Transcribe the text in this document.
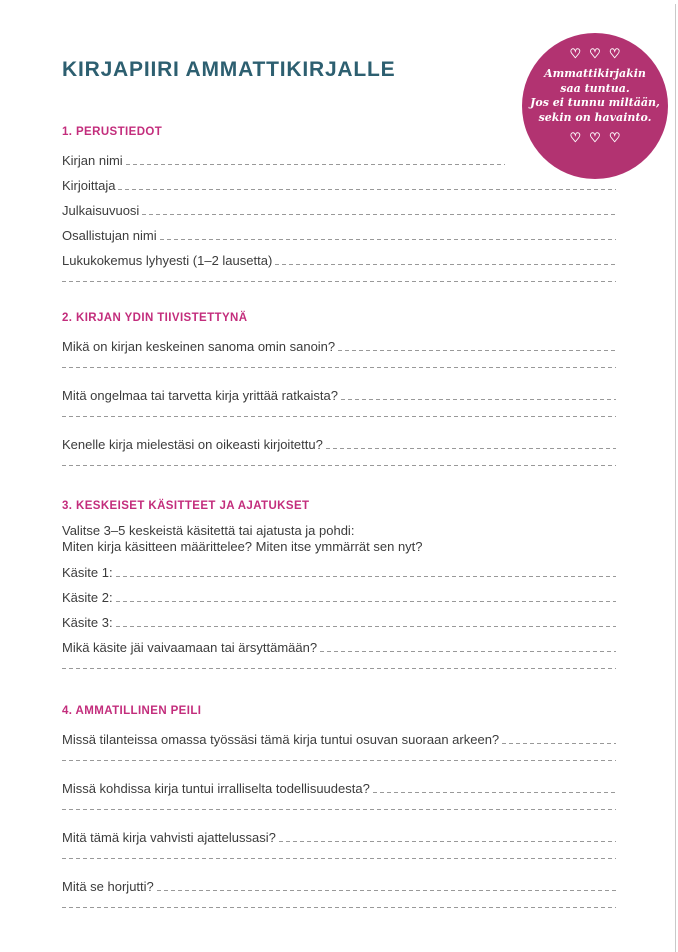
♡ ♡ ♡
Ammattikirjakin
saa tuntua.
Jos ei tunnu miltään,
sekin on havainto.
♡ ♡ ♡
KIRJAPIIRI AMMATTIKIRJALLE
1. PERUSTIEDOT
Kirjan nimi
Kirjoittaja
Julkaisuvuosi
Osallistujan nimi
Lukukokemus lyhyesti (1–2 lausetta)
2. KIRJAN YDIN TIIVISTETTYNÄ
Mikä on kirjan keskeinen sanoma omin sanoin?
Mitä ongelmaa tai tarvetta kirja yrittää ratkaista?
Kenelle kirja mielestäsi on oikeasti kirjoitettu?
3. KESKEISET KÄSITTEET JA AJATUKSET

Valitse 3–5 keskeistä käsitettä tai ajatusta ja pohdi:
Miten kirja käsitteen määrittelee? Miten itse ymmärrät sen nyt?

Käsite 1:
Käsite 2:
Käsite 3:
Mikä käsite jäi vaivaamaan tai ärsyttämään?
4. AMMATILLINEN PEILI
Missä tilanteissa omassa työssäsi tämä kirja tuntui osuvan suoraan arkeen?
Missä kohdissa kirja tuntui irralliselta todellisuudesta?
Mitä tämä kirja vahvisti ajattelussasi?
Mitä se horjutti?
